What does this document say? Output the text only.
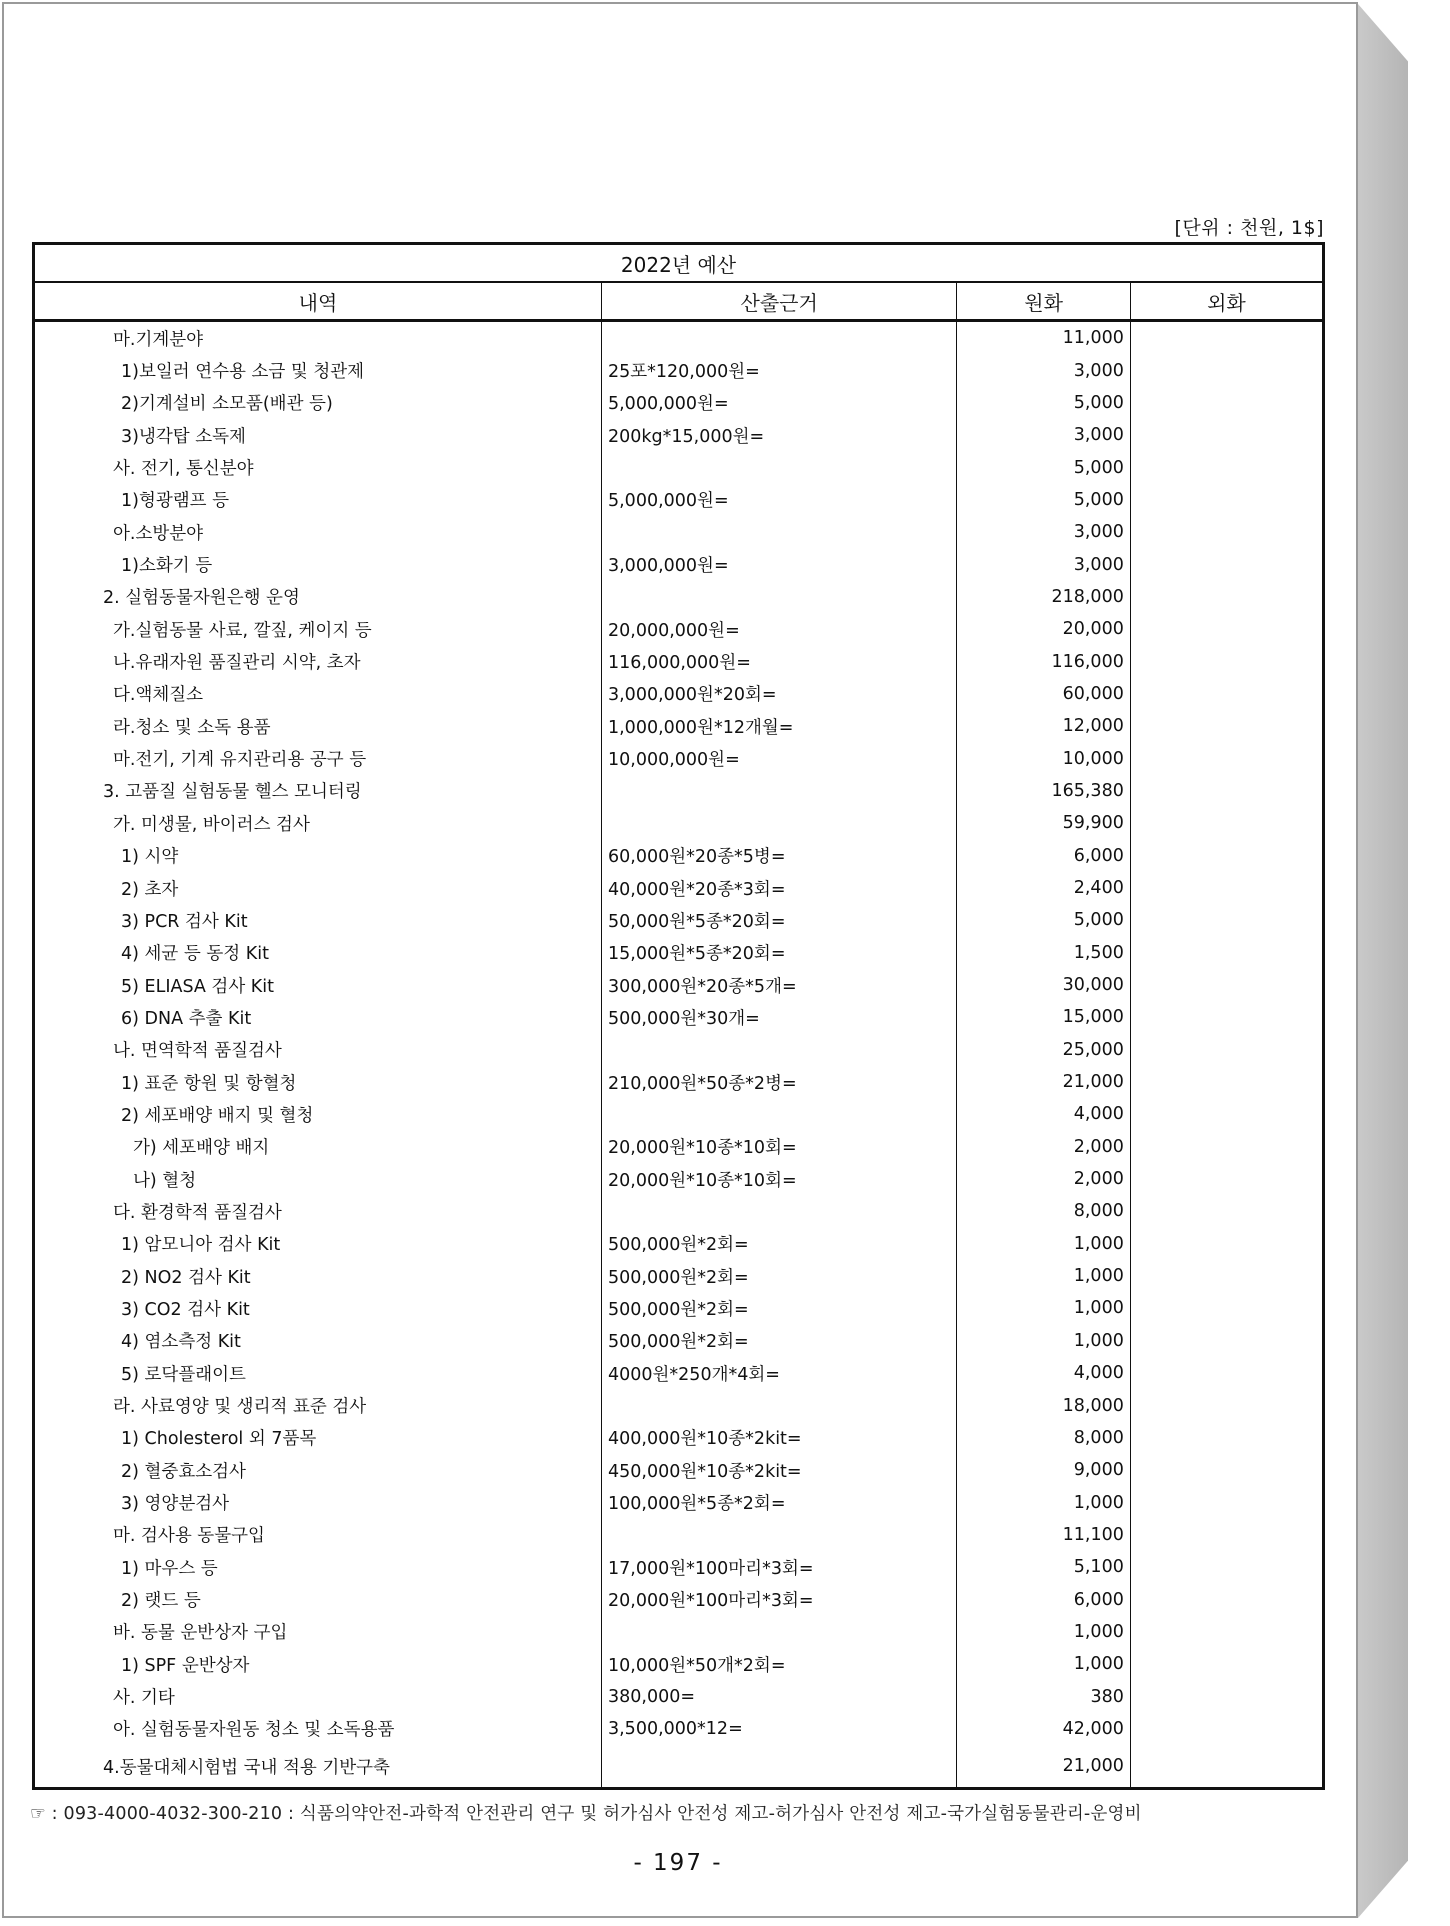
[단위 : 천원, 1$]
2022년 예산			
내역	산출근거	원화	외화
마.기계분야		11,000	
1)보일러 연수용 소금 및 청관제	25포*120,000원=	3,000	
2)기계설비 소모품(배관 등)	5,000,000원=	5,000	
3)냉각탑 소독제	200kg*15,000원=	3,000	
사. 전기, 통신분야		5,000	
1)형광램프 등	5,000,000원=	5,000	
아.소방분야		3,000	
1)소화기 등	3,000,000원=	3,000	
2. 실험동물자원은행 운영		218,000	
가.실험동물 사료, 깔짚, 케이지 등	20,000,000원=	20,000	
나.유래자원 품질관리 시약, 초자	116,000,000원=	116,000	
다.액체질소	3,000,000원*20회=	60,000	
라.청소 및 소독 용품	1,000,000원*12개월=	12,000	
마.전기, 기계 유지관리용 공구 등	10,000,000원=	10,000	
3. 고품질 실험동물 헬스 모니터링		165,380	
가. 미생물, 바이러스 검사		59,900	
1) 시약	60,000원*20종*5병=	6,000	
2) 초자	40,000원*20종*3회=	2,400	
3) PCR 검사 Kit	50,000원*5종*20회=	5,000	
4) 세균 등 동정 Kit	15,000원*5종*20회=	1,500	
5) ELIASA 검사 Kit	300,000원*20종*5개=	30,000	
6) DNA 추출 Kit	500,000원*30개=	15,000	
나. 면역학적 품질검사		25,000	
1) 표준 항원 및 항혈청	210,000원*50종*2병=	21,000	
2) 세포배양 배지 및 혈청		4,000	
가) 세포배양 배지	20,000원*10종*10회=	2,000	
나) 혈청	20,000원*10종*10회=	2,000	
다. 환경학적 품질검사		8,000	
1) 암모니아 검사 Kit	500,000원*2회=	1,000	
2) NO2 검사 Kit	500,000원*2회=	1,000	
3) CO2 검사 Kit	500,000원*2회=	1,000	
4) 염소측정 Kit	500,000원*2회=	1,000	
5) 로닥플래이트	4000원*250개*4회=	4,000	
라. 사료영양 및 생리적 표준 검사		18,000	
1) Cholesterol 외 7품목	400,000원*10종*2kit=	8,000	
2) 혈중효소검사	450,000원*10종*2kit=	9,000	
3) 영양분검사	100,000원*5종*2회=	1,000	
마. 검사용 동물구입		11,100	
1) 마우스 등	17,000원*100마리*3회=	5,100	
2) 랫드 등	20,000원*100마리*3회=	6,000	
바. 동물 운반상자 구입		1,000	
1) SPF 운반상자	10,000원*50개*2회=	1,000	
사. 기타	380,000=	380	
아. 실험동물자원동 청소 및 소독용품	3,500,000*12=	42,000	
4.동물대체시험법 국내 적용 기반구축		21,000	
☞ : 093-4000-4032-300-210 : 식품의약안전-과학적 안전관리 연구 및 허가심사 안전성 제고-허가심사 안전성 제고-국가실험동물관리-운영비
- 197 -
